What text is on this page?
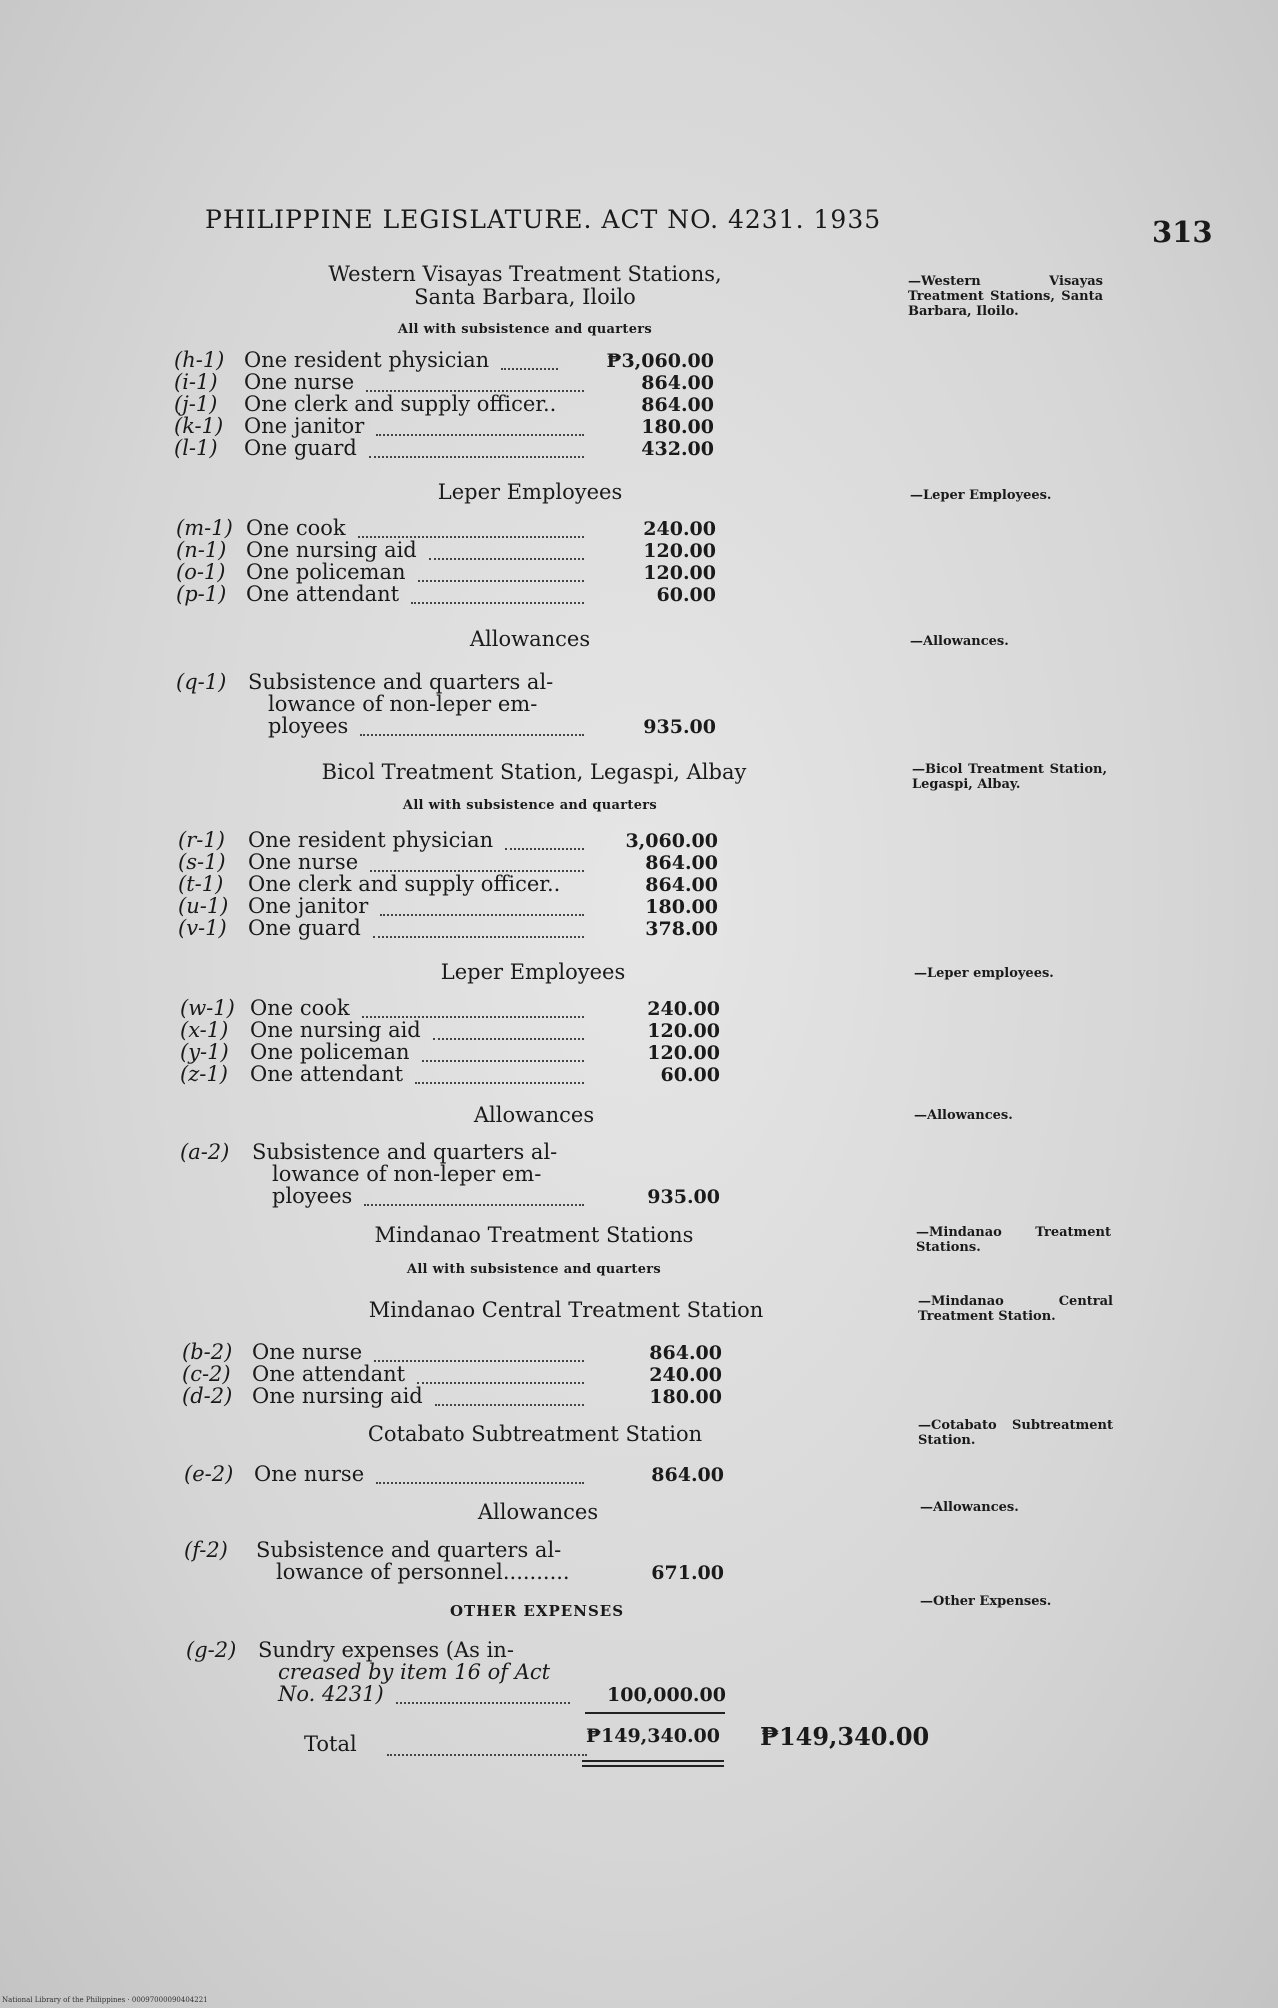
PHILIPPINE LEGISLATURE. ACT NO. 4231. 1935	313
Western Visayas Treatment Stations,
Santa Barbara, Iloilo
All with subsistence and quarters
(h-1) One resident physician	₱3,060.00
(i-1) One nurse	864.00
(j-1) One clerk and supply officer..	864.00
(k-1) One janitor	180.00
(l-1) One guard	432.00
(m-1) One cook	240.00
(n-1) One nursing aid	120.00
(o-1) One policeman	120.00
(p-1) One attendant	60.00
(q-1) Subsistence and quarters al-
lowance of non-leper em-
ployees	935.00
(r-1) One resident physician	3,060.00
(s-1) One nurse	864.00
(t-1) One clerk and supply officer..	864.00
(u-1) One janitor	180.00
(v-1) One guard	378.00
(w-1) One cook	240.00
(x-1) One nursing aid	120.00
(y-1) One policeman	120.00
(z-1) One attendant	60.00
(a-2) Subsistence and quarters al-
lowance of non-leper em-
ployees	935.00
(b-2) One nurse	864.00
(c-2) One attendant	240.00
(d-2) One nursing aid	180.00
(e-2) One nurse	864.00
(f-2) Subsistence and quarters al-
lowance of personnel..........	671.00
(g-2) Sundry expenses (As in-
creased by item 16 of Act
No. 4231)	100,000.00
Leper Employees
Allowances
Bicol Treatment Station, Legaspi, Albay
All with subsistence and quarters
Leper Employees
Allowances
Mindanao Treatment Stations
All with subsistence and quarters
Mindanao Central Treatment Station
Cotabato Subtreatment Station
Allowances
OTHER EXPENSES
Total	₱149,340.00 ₱149,340.00
—Western Visayas Treatment Stations, Santa Barbara, Iloilo.
—Leper Employees.
—Allowances.
—Bicol Treatment Station, Legaspi, Albay.
—Leper employees.
—Allowances.
—Mindanao Treatment Stations.
—Mindanao Central Treatment Station.
—Cotabato Subtreatment Station.
—Allowances.
—Other Expenses.
National Library of the Philippines · 00097000090404221
